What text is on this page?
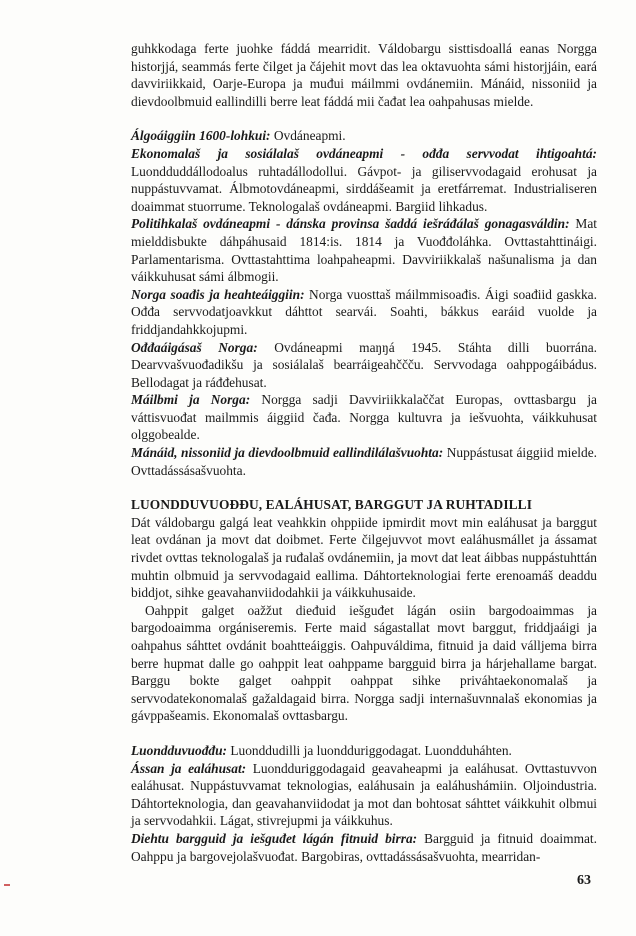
guhkkodaga ferte juohke fáddá mearridit. Váldobargu sisttisdoallá eanas Norgga historjjá, seammás ferte čilget ja čájehit movt das lea oktavuohta sámi historjjáin, eará davviriikkaid, Oarje-Europa ja muđui máilmmi ovdánemiin. Mánáid, nissoniid ja dievdoolbmuid eallindilli berre leat fáddá mii čađat lea oahpahusas mielde.

Álgoáiggiin 1600-lohkui: Ovdáneapmi.

Ekonomalaš ja sosiálalaš ovdáneapmi - ođđa servvodat ihtigoahtá: Luondduddállodoalus ruhtadállodollui. Gávpot- ja giliservvodagaid erohusat ja nuppástuvvamat. Álbmotovdáneapmi, sirddášeamit ja eretfárremat. Industrialiseren doaimmat stuorrume. Teknologalaš ovdáneapmi. Bargiid lihkadus.

Politihkalaš ovdáneapmi - dánska provinsa šaddá iešráđálaš gonagasváldin: Mat mielddisbukte dáhpáhusaid 1814:is. 1814 ja Vuođđoláhka. Ovttastahttináigi. Parlamentarisma. Ovttastahttima loahpaheapmi. Davviriikkalaš našunalisma ja dan váikkuhusat sámi álbmogii.

Norga soađis ja heahteáiggiin: Norga vuosttaš máilmmisoađis. Áigi soađiid gaskka. Ođđa servvodatjoavkkut dáhttot searvái. Soahti, bákkus earáid vuolde ja friddjandahkkojupmi.

Ođđaáigásaš Norga: Ovdáneapmi maŋŋá 1945. Stáhta dilli buorrána. Dearvvašvuođadikšu ja sosiálalaš bearráigeahččču. Servvodaga oahppogáibádus. Bellodagat ja ráđđehusat.

Máilbmi ja Norga: Norgga sadji Davviriikkalaččat Europas, ovttasbargu ja váttisvuođat mailmmis áiggiid čađa. Norgga kultuvra ja iešvuohta, váikkuhusat olggobealde.

Mánáid, nissoniid ja dievdoolbmuid eallindilálašvuohta: Nuppástusat áiggiid mielde. Ovttadássásašvuohta.

LUONDDUVUOĐĐU, EALÁHUSAT, BARGGUT JA RUHTADILLI

Dát váldobargu galgá leat veahkkin ohppiide ipmirdit movt min ealáhusat ja barggut leat ovdánan ja movt dat doibmet. Ferte čilgejuvvot movt ealáhusmállet ja ássamat rivdet ovttas teknologalaš ja ruđalaš ovdánemiin, ja movt dat leat áibbas nuppástuhttán muhtin olbmuid ja servvodagaid eallima. Dáhtorteknologiai ferte erenoamáš deaddu biddjot, sihke geavahanviidodahkii ja váikkuhusaide.

Oahppit galget oažžut dieđuid iešguđet lágán osiin bargodoaimmas ja bargodoaimma orgániseremis. Ferte maid ságastallat movt barggut, friddjaáigi ja oahpahus sáhttet ovdánit boahtteáiggis. Oahpuváldima, fitnuid ja daid válljema birra berre hupmat dalle go oahppit leat oahppame bargguid birra ja hárjehallame bargat. Barggu bokte galget oahppit oahppat sihke priváhtaekonomalaš ja servvodatekonomalaš gažaldagaid birra. Norgga sadji internašuvnnalaš ekonomias ja gávppašeamis. Ekonomalaš ovttasbargu.

Luondduvuođđu: Luonddudilli ja luondduriggodagat. Luondduháhten.

Ássan ja ealáhusat: Luondduriggodagaid geavaheapmi ja ealáhusat. Ovttastuvvon ealáhusat. Nuppástuvvamat teknologias, ealáhusain ja ealáhushámiin. Oljoindustria. Dáhtorteknologia, dan geavahanviidodat ja mot dan bohtosat sáhttet váikkuhit olbmui ja servvodahkii. Lágat, stivrejupmi ja váikkuhus.

Diehtu bargguid ja iešguđet lágán fitnuid birra: Bargguid ja fitnuid doaimmat. Oahppu ja bargovejolašvuođat. Bargobiras, ovttadássásašvuohta, mearridan-

63
